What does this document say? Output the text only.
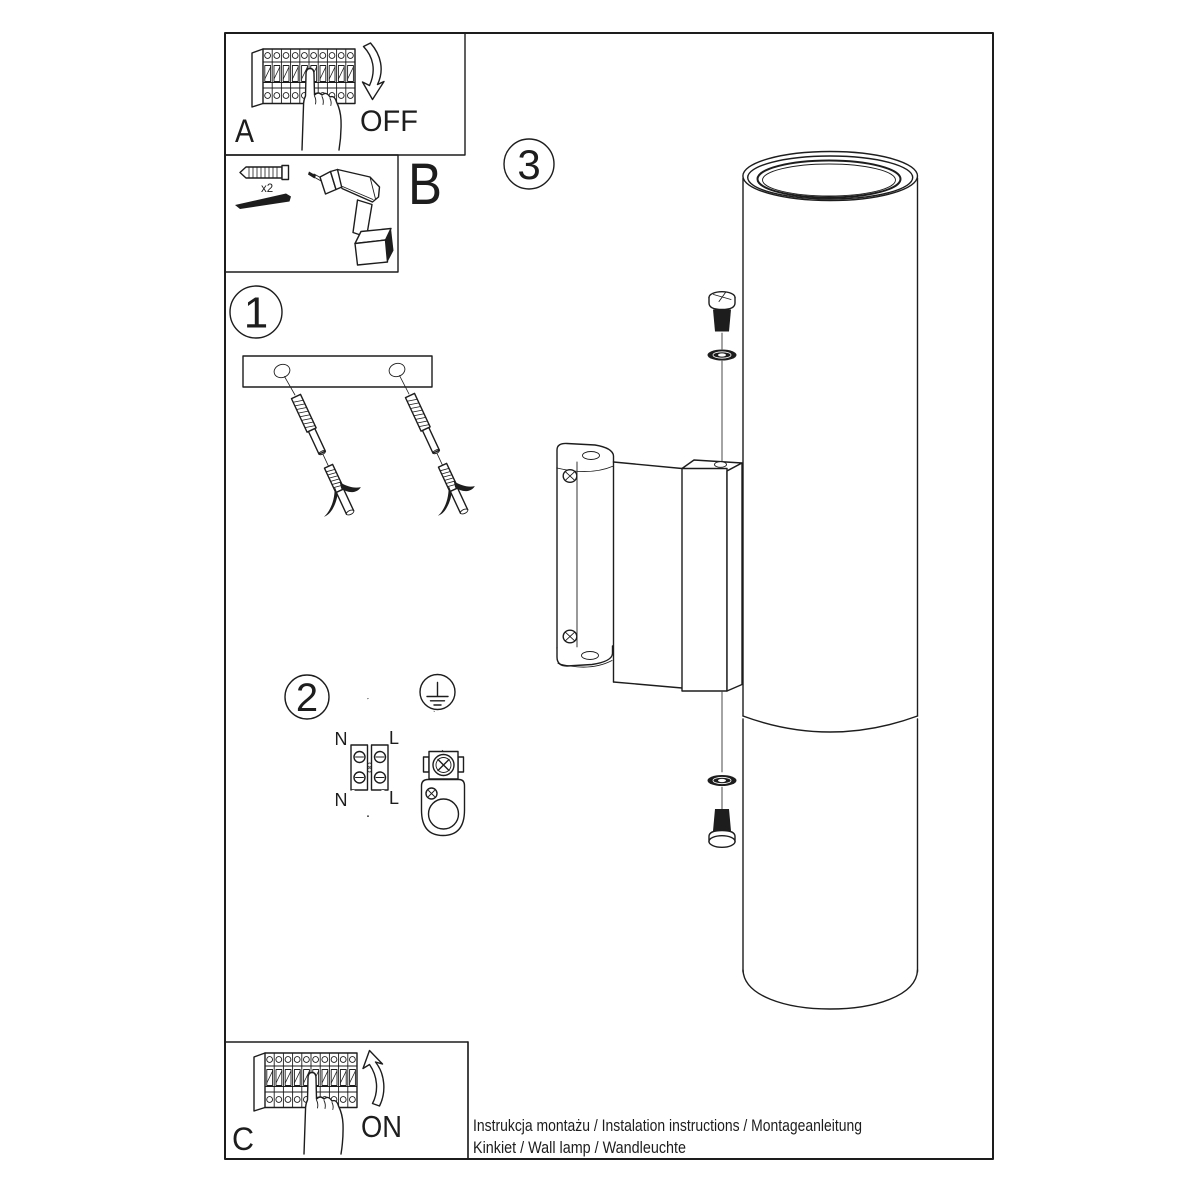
A	OFF
x2 B
1
2
N L
N L
3
C	ON	Instrukcja montażu / Instalation instructions / Montageanleitung
Kinkiet / Wall lamp / Wandleuchte
